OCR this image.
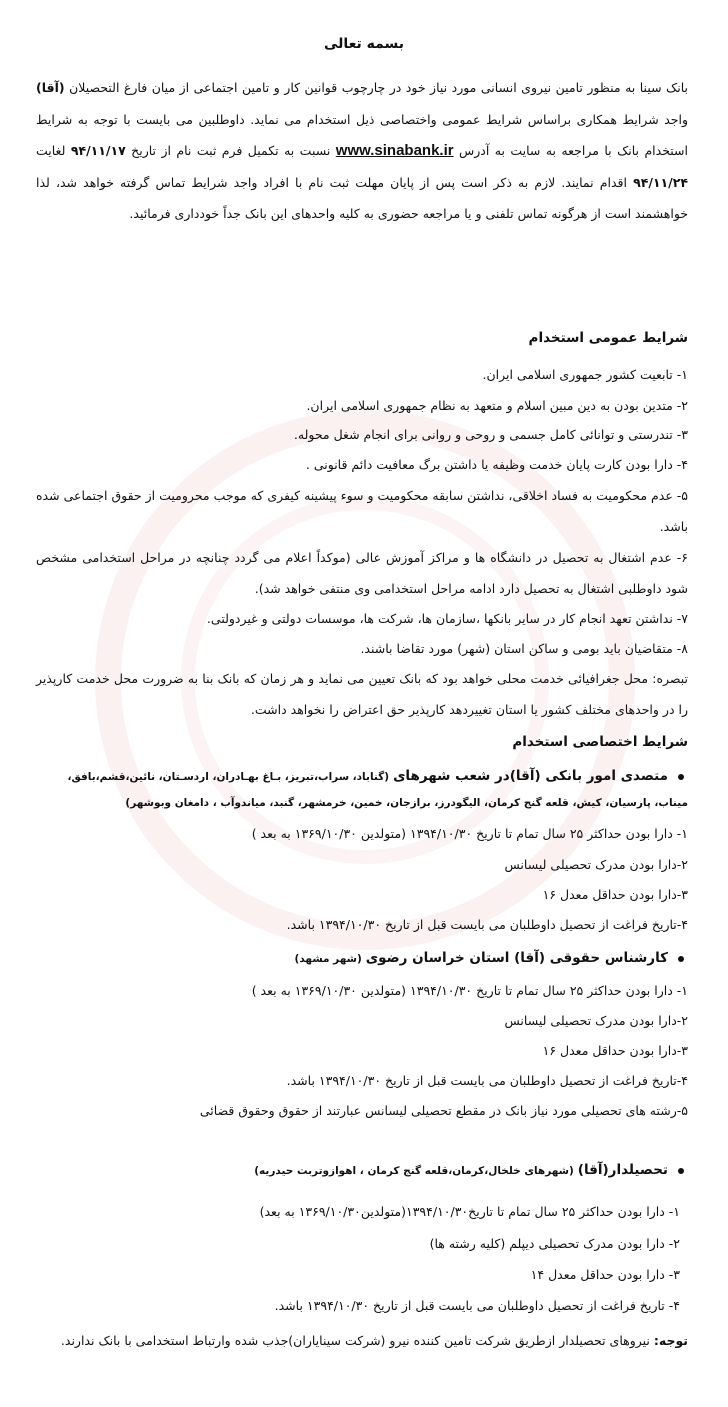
بسمه تعالی
بانک سینا به منظور تامین نیروی انسانی مورد نیاز خود در چارچوب قوانین کار و تامین اجتماعی از میان فارغ التحصیلان (آقا) واجد شرایط همکاری براساس شرایط عمومی واختصاصی ذیل استخدام می نماید. داوطلبین می بایست با توجه به شرایط استخدام بانک با مراجعه به سایت به آدرس www.sinabank.ir نسبت به تکمیل فرم ثبت نام از تاریخ ۹۴/۱۱/۱۷ لغایت ۹۴/۱۱/۲۴ اقدام نمایند. لازم به ذکر است پس از پایان مهلت ثبت نام با افراد واجد شرایط تماس گرفته خواهد شد، لذا خواهشمند است از هرگونه تماس تلفنی و یا مراجعه حضوری به کلیه واحدهای این بانک جداً خودداری فرمائید.
شرایط عمومی استخدام
۱- تابعیت کشور جمهوری اسلامی ایران.
۲- متدین بودن به دین مبین اسلام و متعهد به نظام جمهوری اسلامی ایران.
۳- تندرستی و توانائی کامل جسمی و روحی و روانی برای انجام شغل محوله.
۴- دارا بودن کارت پایان خدمت وظیفه یا داشتن برگ معافیت دائم قانونی .
۵- عدم محکومیت به فساد اخلاقی، نداشتن سابقه محکومیت و سوء پیشینه کیفری که موجب محرومیت از حقوق اجتماعی شده باشد.
۶- عدم اشتغال به تحصیل در دانشگاه ها و مراکز آموزش عالی (موکداً اعلام می گردد چنانچه در مراحل استخدامی مشخص شود داوطلبی اشتغال به تحصیل دارد ادامه مراحل استخدامی وی منتفی خواهد شد).
۷- نداشتن تعهد انجام کار در سایر بانکها ،سازمان ها، شرکت ها، موسسات دولتی و غیردولتی.
۸- متقاضیان باید بومی و ساکن استان (شهر) مورد تقاضا باشند.
تبصره: محل جغرافیائی خدمت محلی خواهد بود که بانک تعیین می نماید و هر زمان که بانک بنا به ضرورت محل خدمت کارپذیر را در واحدهای مختلف کشور یا استان تغییردهد کارپذیر حق اعتراض را نخواهد داشت.
شرایط اختصاصی استخدام
متصدی امور بانکی (آقا)در شعب شهرهای (گناباد، سراب،تبریز، بـاغ بهـادران، اردسـتان، نائین،قشم،بافق،
میناب، پارسیان، کیش، قلعه گنج کرمان، الیگودرز، برازجان، خمین، خرمشهر، گنبد، میاندوآب ، دامغان وبوشهر)
۱- دارا بودن حداکثر ۲۵ سال تمام تا تاریخ ۱۳۹۴/۱۰/۳۰ (متولدین ۱۳۶۹/۱۰/۳۰ به بعد )
۲-دارا بودن مدرک تحصیلی لیسانس
۳-دارا بودن حداقل معدل ۱۶
۴-تاریخ فراغت از تحصیل داوطلبان می بایست قبل از تاریخ ۱۳۹۴/۱۰/۳۰ باشد.
کارشناس حقوقی (آقا) استان خراسان رضوی (شهر مشهد)
۱- دارا بودن حداکثر ۲۵ سال تمام تا تاریخ ۱۳۹۴/۱۰/۳۰ (متولدین ۱۳۶۹/۱۰/۳۰ به بعد )
۲-دارا بودن مدرک تحصیلی لیسانس
۳-دارا بودن حداقل معدل ۱۶
۴-تاریخ فراغت از تحصیل داوطلبان می بایست قبل از تاریخ ۱۳۹۴/۱۰/۳۰ باشد.
۵-رشته های تحصیلی مورد نیاز بانک در مقطع تحصیلی لیسانس عبارتند از حقوق وحقوق قضائی
تحصیلدار(آقا) (شهرهای خلخال،کرمان،قلعه گنج کرمان ، اهوازوتربت حیدریه)
۱- دارا بودن حداکثر ۲۵ سال تمام تا تاریخ۱۳۹۴/۱۰/۳۰(متولدین۱۳۶۹/۱۰/۳۰ به بعد)
۲- دارا بودن مدرک تحصیلی دیپلم (کلیه رشته ها)
۳- دارا بودن حداقل معدل ۱۴
۴- تاریخ فراغت از تحصیل داوطلبان می بایست قبل از تاریخ ۱۳۹۴/۱۰/۳۰ باشد.
توجه: نیروهای تحصیلدار ازطریق شرکت تامین کننده نیرو (شرکت سینایاران)جذب شده وارتباط استخدامی با بانک ندارند.
